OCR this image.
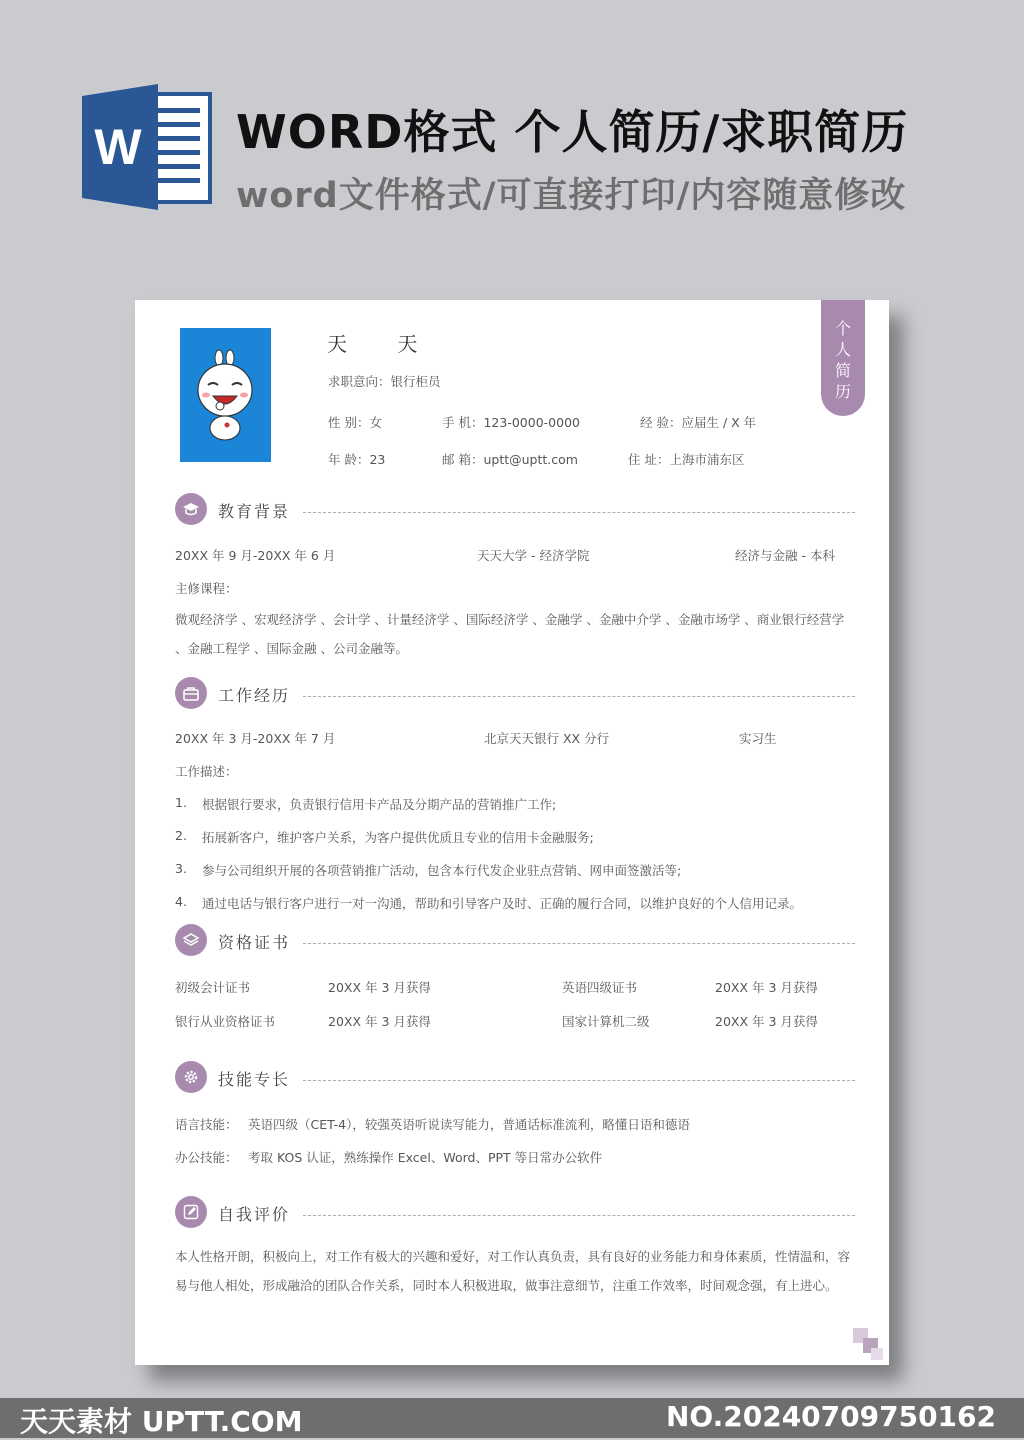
W WORD格式 个人简历/求职简历
word文件格式/可直接打印/内容随意修改
天 天
求职意向：银行柜员
性 别：女	手 机：123-0000-0000	经 验：应届生 / X 年
年 龄：23	邮 箱：uptt@uptt.com	住 址：上海市浦东区
个
人
简
历
教育背景
20XX 年 9 月-20XX 年 6 月	天天大学 - 经济学院	经济与金融 - 本科
主修课程：

微观经济学 、宏观经济学 、会计学 、计量经济学 、国际经济学 、金融学 、金融中介学 、金融市场学 、商业银行经营学 、金融工程学 、国际金融 、公司金融等。

工作经历
20XX 年 3 月-20XX 年 7 月	北京天天银行 XX 分行	实习生
工作描述：
1. 根据银行要求，负责银行信用卡产品及分期产品的营销推广工作;
2. 拓展新客户，维护客户关系，为客户提供优质且专业的信用卡金融服务;
3. 参与公司组织开展的各项营销推广活动，包含本行代发企业驻点营销、网申面签激活等;
4. 通过电话与银行客户进行一对一沟通，帮助和引导客户及时、正确的履行合同，以维护良好的个人信用记录。
资格证书
初级会计证书	20XX 年 3 月获得	英语四级证书	20XX 年 3 月获得
银行从业资格证书	20XX 年 3 月获得	国家计算机二级	20XX 年 3 月获得
技能专长
语言技能： 英语四级（CET-4），较强英语听说读写能力，普通话标准流利，略懂日语和德语
办公技能： 考取 KOS 认证，熟练操作 Excel、Word、PPT 等日常办公软件
自我评价

本人性格开朗，积极向上，对工作有极大的兴趣和爱好，对工作认真负责，具有良好的业务能力和身体素质，性情温和，容易与他人相处，形成融洽的团队合作关系，同时本人积极进取，做事注意细节，注重工作效率，时间观念强，有上进心。

天天素材 UPTT.COM	NO.20240709750162
